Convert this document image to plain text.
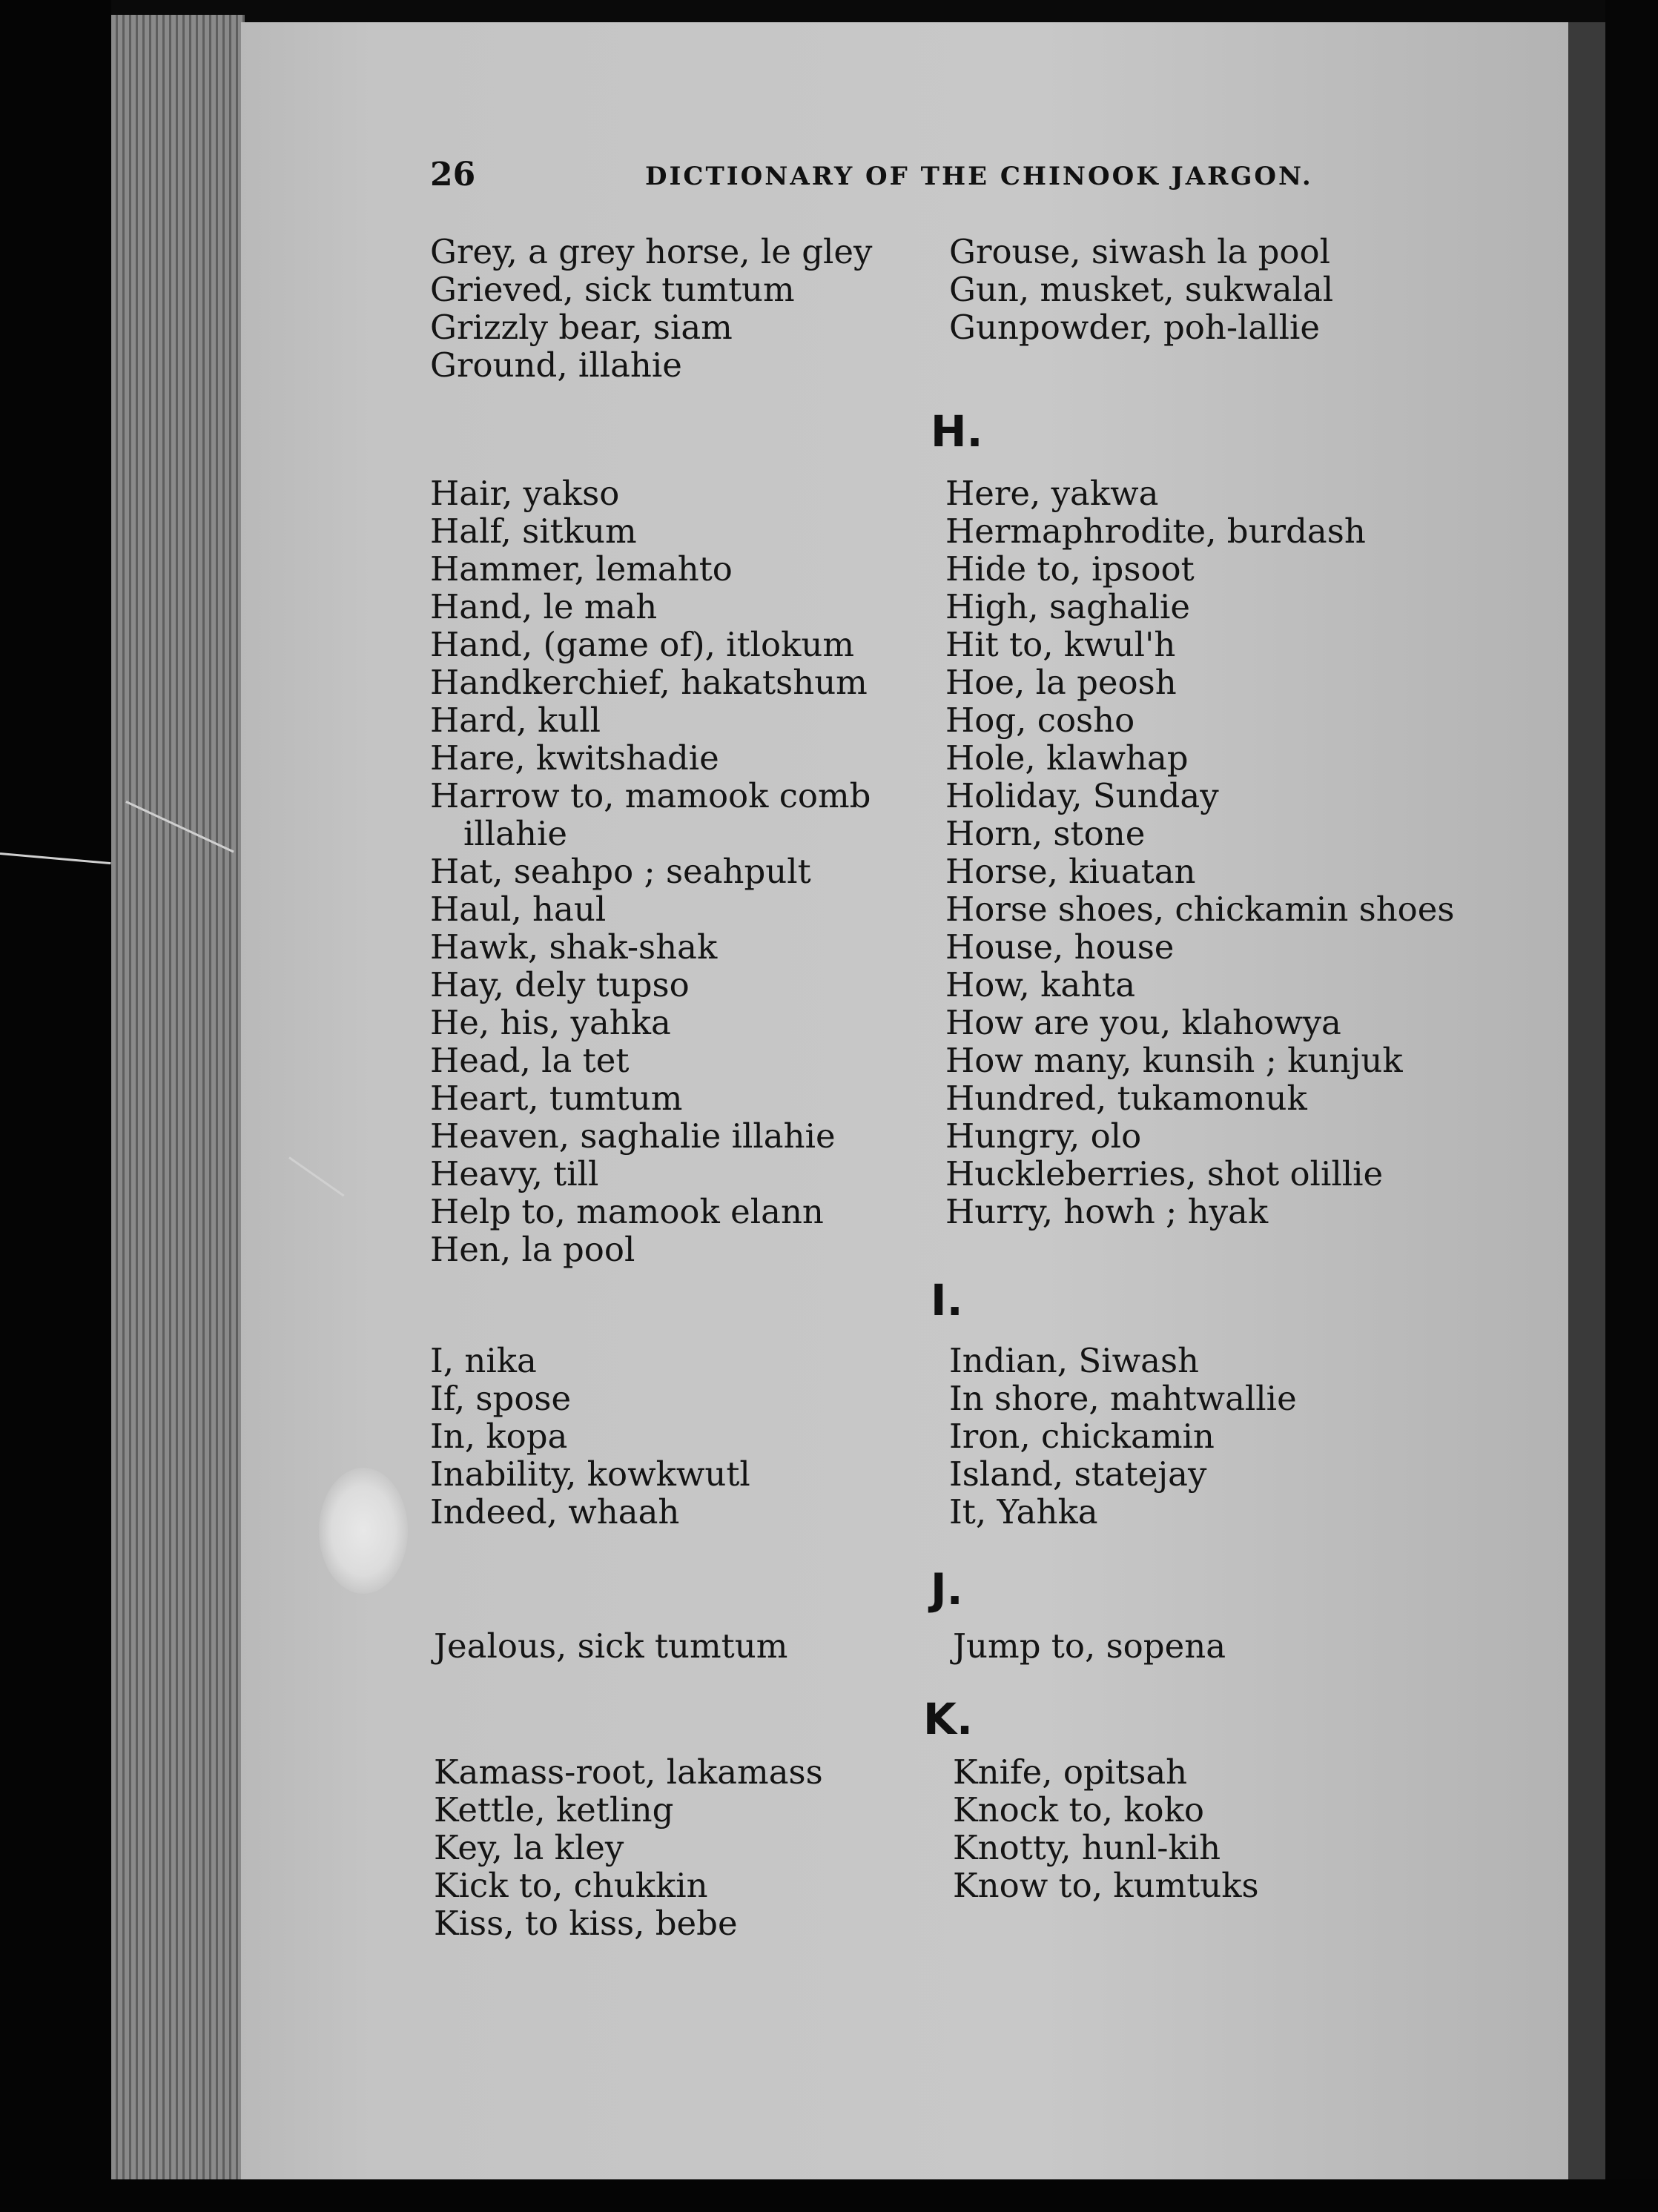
26	DICTIONARY OF THE CHINOOK JARGON.
Grey, a grey horse, le gley
Grieved, sick tumtum
Grizzly bear, siam
Ground, illahie
Grouse, siwash la pool
Gun, musket, sukwalal
Gunpowder, poh-lallie
H.
Hair, yakso
Half, sitkum
Hammer, lemahto
Hand, le mah
Hand, (game of), itlokum
Handkerchief, hakatshum
Hard, kull
Hare, kwitshadie
Harrow to, mamook comb
illahie
Hat, seahpo ; seahpult
Haul, haul
Hawk, shak-shak
Hay, dely tupso
He, his, yahka
Head, la tet
Heart, tumtum
Heaven, saghalie illahie
Heavy, till
Help to, mamook elann
Hen, la pool
Here, yakwa
Hermaphrodite, burdash
Hide to, ipsoot
High, saghalie
Hit to, kwul'h
Hoe, la peosh
Hog, cosho
Hole, klawhap
Holiday, Sunday
Horn, stone
Horse, kiuatan
Horse shoes, chickamin shoes
House, house
How, kahta
How are you, klahowya
How many, kunsih ; kunjuk
Hundred, tukamonuk
Hungry, olo
Huckleberries, shot olillie
Hurry, howh ; hyak
I.
I, nika
If, spose
In, kopa
Inability, kowkwutl
Indeed, whaah
Indian, Siwash
In shore, mahtwallie
Iron, chickamin
Island, statejay
It, Yahka
J.
Jealous, sick tumtum	Jump to, sopena
K.
Kamass-root, lakamass
Kettle, ketling
Key, la kley
Kick to, chukkin
Kiss, to kiss, bebe
Knife, opitsah
Knock to, koko
Knotty, hunl-kih
Know to, kumtuks
